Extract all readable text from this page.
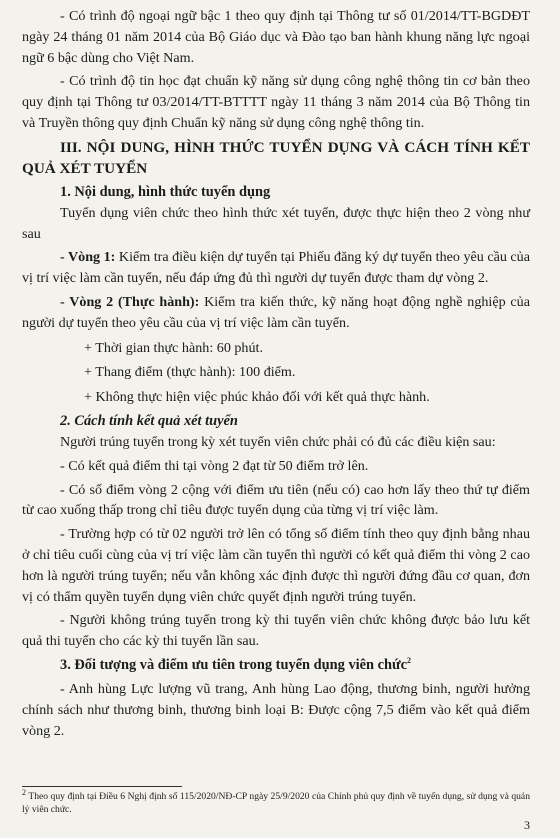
- Có trình độ ngoại ngữ bậc 1 theo quy định tại Thông tư số 01/2014/TT-BGDĐT ngày 24 tháng 01 năm 2014 của Bộ Giáo dục và Đào tạo ban hành khung năng lực ngoại ngữ 6 bậc dùng cho Việt Nam.

- Có trình độ tin học đạt chuẩn kỹ năng sử dụng công nghệ thông tin cơ bản theo quy định tại Thông tư 03/2014/TT-BTTTT ngày 11 tháng 3 năm 2014 của Bộ Thông tin và Truyền thông quy định Chuẩn kỹ năng sử dụng công nghệ thông tin.

III. NỘI DUNG, HÌNH THỨC TUYỂN DỤNG VÀ CÁCH TÍNH KẾT QUẢ XÉT TUYỂN
1. Nội dung, hình thức tuyển dụng

Tuyển dụng viên chức theo hình thức xét tuyển, được thực hiện theo 2 vòng như sau

- Vòng 1: Kiểm tra điều kiện dự tuyển tại Phiếu đăng ký dự tuyển theo yêu cầu của vị trí việc làm cần tuyển, nếu đáp ứng đủ thì người dự tuyển được tham dự vòng 2.

- Vòng 2 (Thực hành): Kiểm tra kiến thức, kỹ năng hoạt động nghề nghiệp của người dự tuyển theo yêu cầu của vị trí việc làm cần tuyển.

+ Thời gian thực hành: 60 phút.

+ Thang điểm (thực hành): 100 điểm.

+ Không thực hiện việc phúc khảo đối với kết quả thực hành.

2. Cách tính kết quả xét tuyển

Người trúng tuyển trong kỳ xét tuyển viên chức phải có đủ các điều kiện sau:

- Có kết quả điểm thi tại vòng 2 đạt từ 50 điểm trở lên.

- Có số điểm vòng 2 cộng với điểm ưu tiên (nếu có) cao hơn lấy theo thứ tự điểm từ cao xuống thấp trong chỉ tiêu được tuyển dụng của từng vị trí việc làm.

- Trường hợp có từ 02 người trở lên có tổng số điểm tính theo quy định bằng nhau ở chỉ tiêu cuối cùng của vị trí việc làm cần tuyển thì người có kết quả điểm thi vòng 2 cao hơn là người trúng tuyển; nếu vẫn không xác định được thì người đứng đầu cơ quan, đơn vị có thẩm quyền tuyển dụng viên chức quyết định người trúng tuyển.

- Người không trúng tuyển trong kỳ thi tuyển viên chức không được bảo lưu kết quả thi tuyển cho các kỳ thi tuyển lần sau.

3. Đối tượng và điểm ưu tiên trong tuyển dụng viên chức$^2$

- Anh hùng Lực lượng vũ trang, Anh hùng Lao động, thương binh, người hưởng chính sách như thương binh, thương binh loại B: Được cộng 7,5 điểm vào kết quả điểm vòng 2.

$^2$ Theo quy định tại Điều 6 Nghị định số 115/2020/NĐ-CP ngày 25/9/2020 của Chính phủ quy định về tuyển dụng, sử dụng và quản lý viên chức.
3
